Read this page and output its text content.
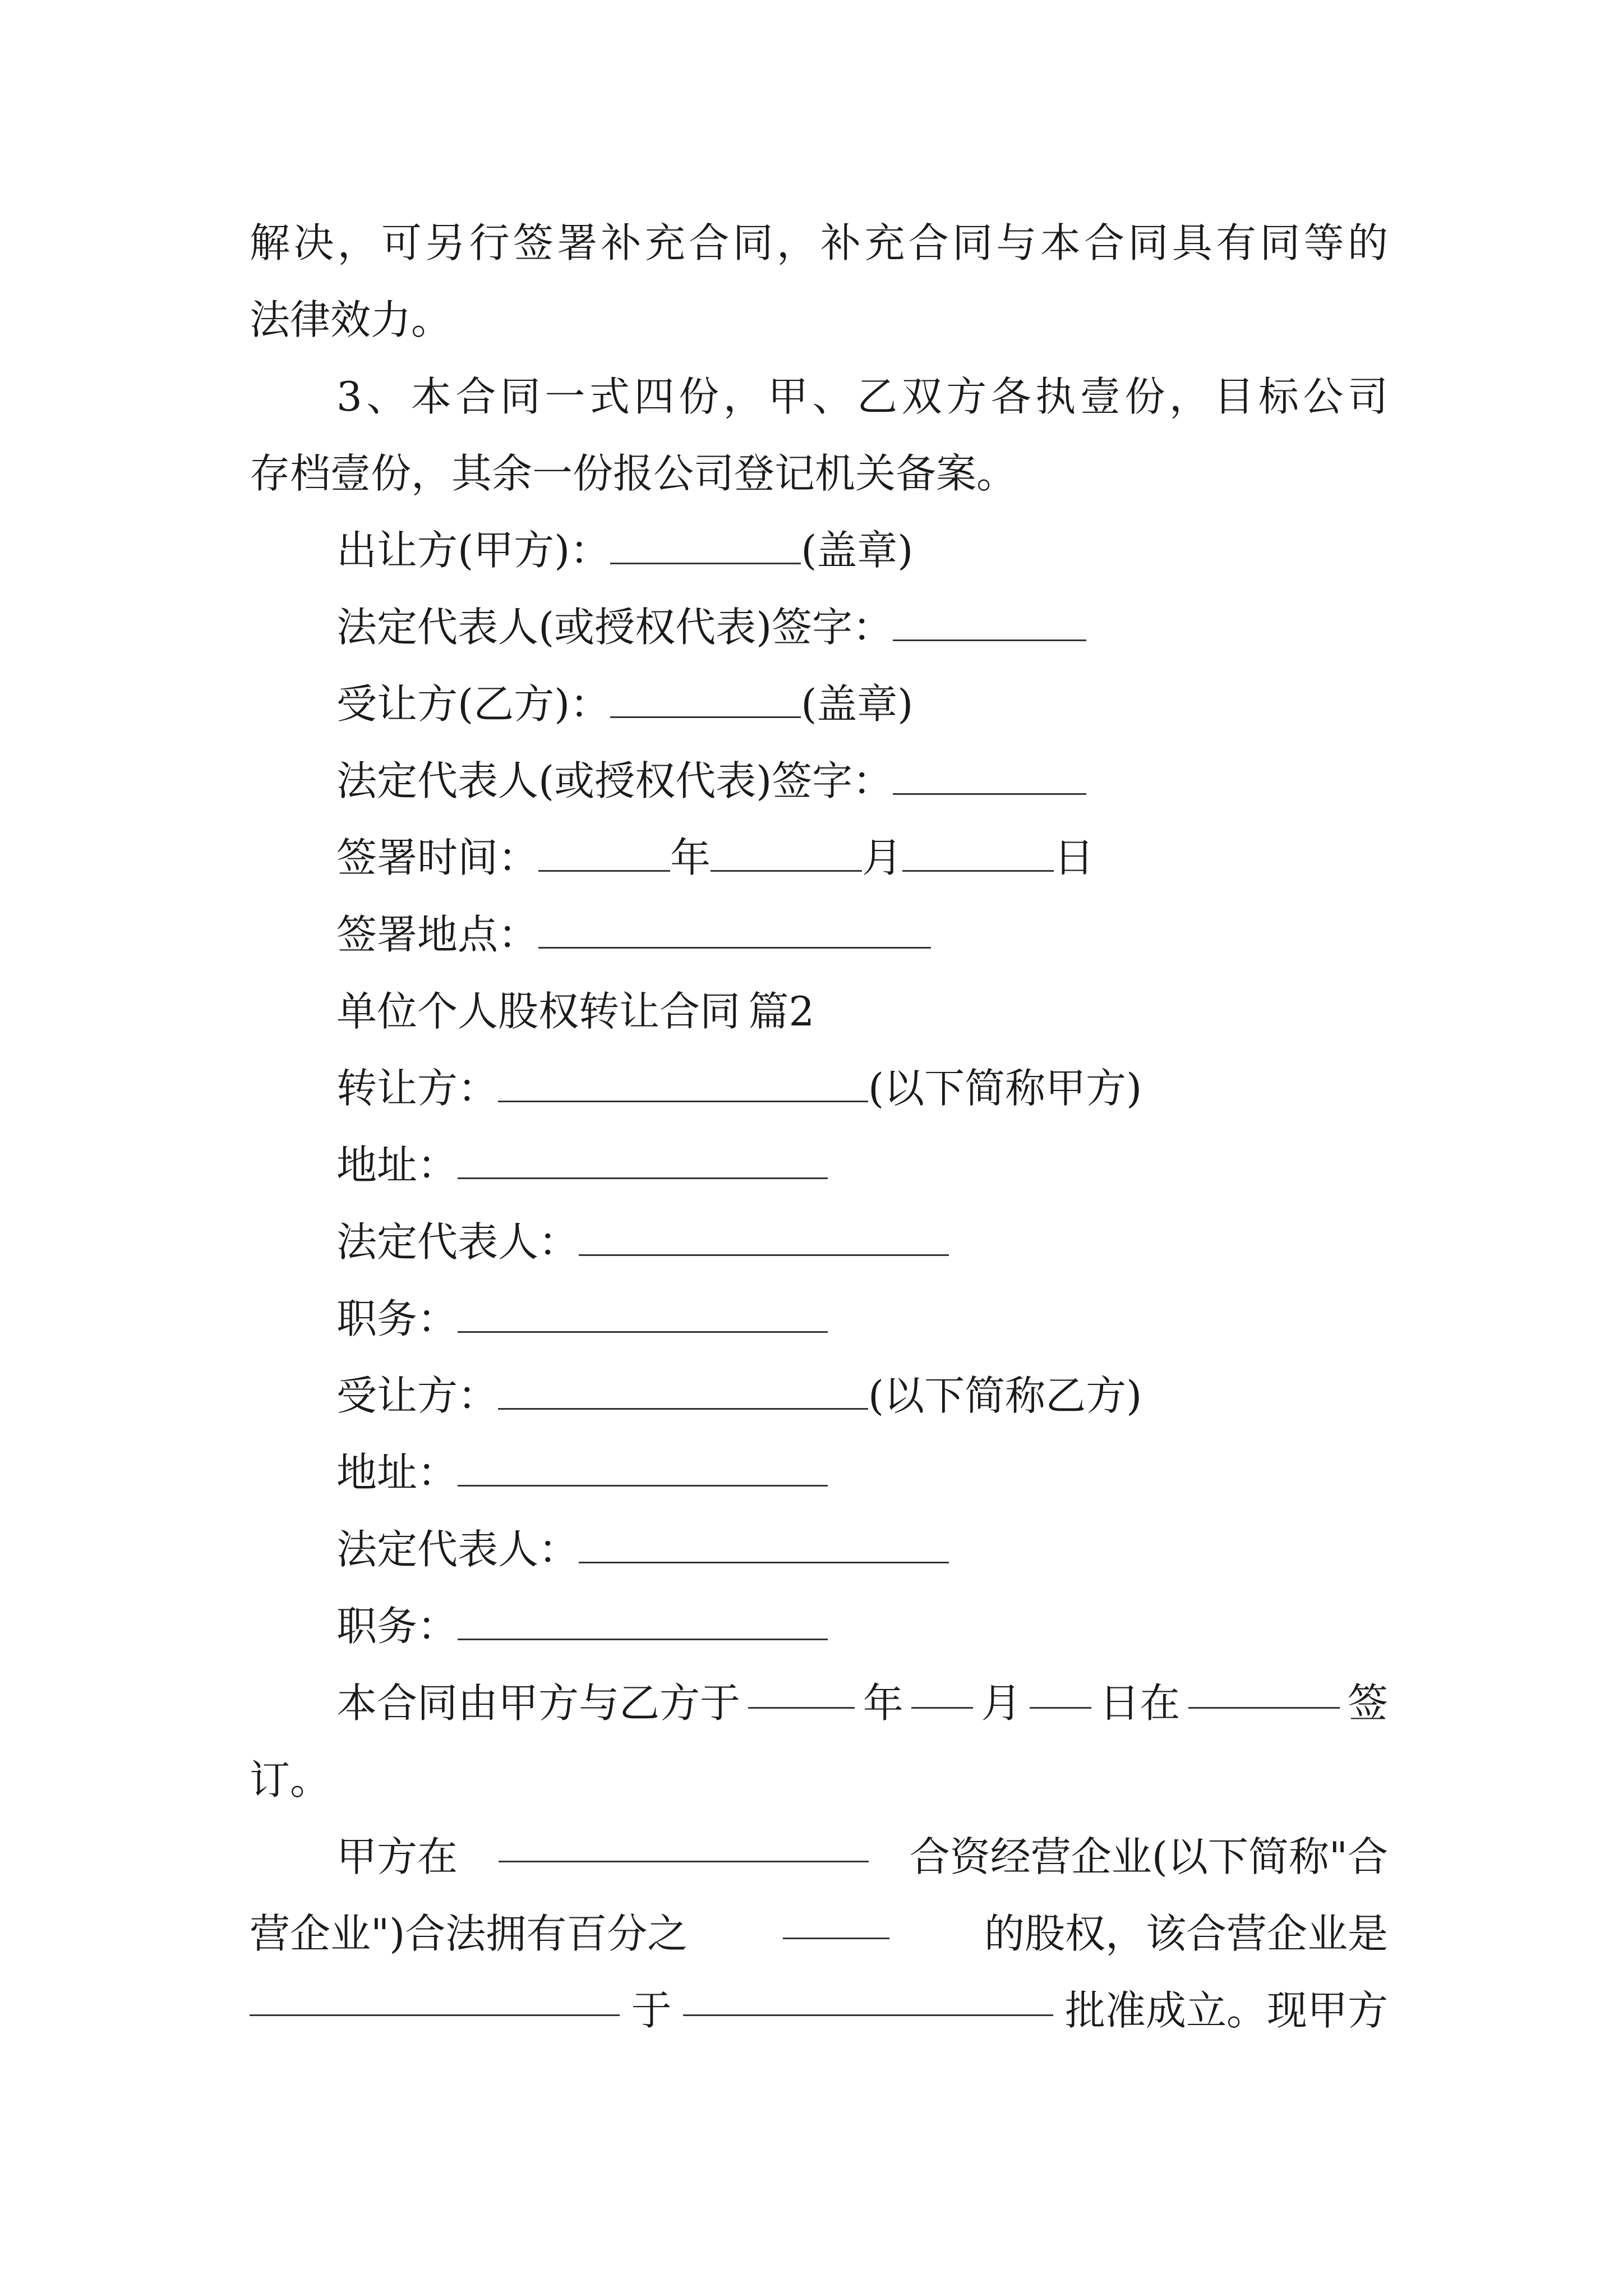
解决，可另行签署补充合同，补充合同与本合同具有同等的
法律效力。
3、本合同一式四份，甲、乙双方各执壹份，目标公司
存档壹份，其余一份报公司登记机关备案。
出让方(甲方)：	(盖章)
法定代表人(或授权代表)签字：
受让方(乙方)：	(盖章)
法定代表人(或授权代表)签字：
签署时间：	年	月	日
签署地点：
单位个人股权转让合同 篇2
转让方：	(以下简称甲方)
地址：
法定代表人：
职务：
受让方：	(以下简称乙方)
地址：
法定代表人：
职务：
本合同由甲方与乙方于	年 月 日在	签
订。
甲方在	合资经营企业(以下简称"合
营企业")合法拥有百分之	的股权，该合营企业是
于	批准成立。现甲方
